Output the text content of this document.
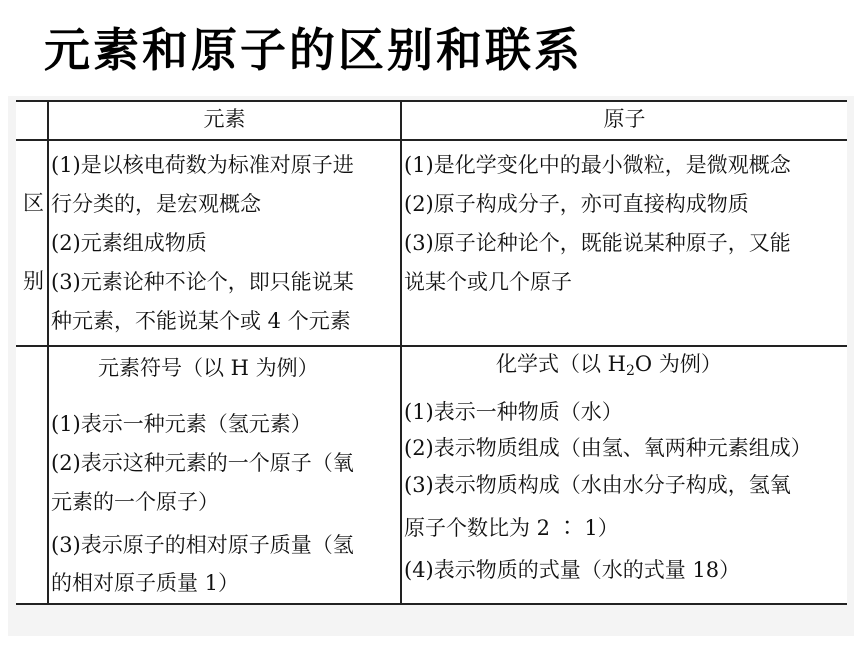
元素和原子的区别和联系
元素	原子
区
别
(1)是以核电荷数为标准对原子进
行分类的，是宏观概念
(2)元素组成物质
(3)元素论种不论个，即只能说某
种元素，不能说某个或 4 个元素
(1)是化学变化中的最小微粒，是微观概念
(2)原子构成分子，亦可直接构成物质
(3)原子论种论个，既能说某种原子，又能
说某个或几个原子
元素符号（以 H 为例）
(1)表示一种元素（氢元素）
(2)表示这种元素的一个原子（氧
元素的一个原子）
(3)表示原子的相对原子质量（氢
的相对原子质量 1）
化学式（以 $H_2O$ 为例）
(1)表示一种物质（水）
(2)表示物质组成（由氢、氧两种元素组成）
(3)表示物质构成（水由水分子构成，氢氧
原子个数比为 2 ∶ 1）
(4)表示物质的式量（水的式量 18）
